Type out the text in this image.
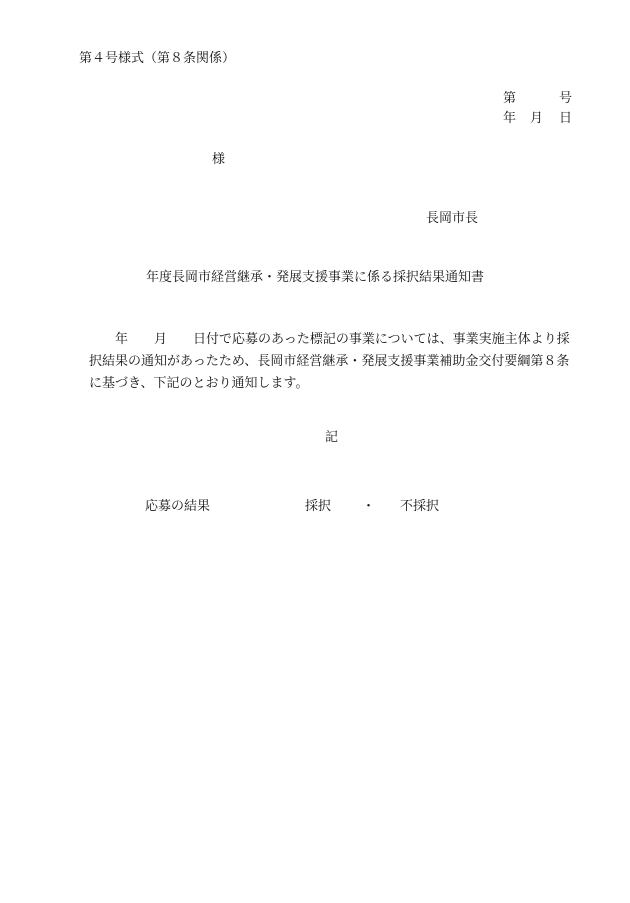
第４号様式（第８条関係）
第	号
年 月 日
様
長岡市長
年度長岡市経営継承・発展支援事業に係る採択結果通知書
　　年　　月　　日付で応募のあった標記の事業については、事業実施主体より採
択結果の通知があったため、長岡市経営継承・発展支援事業補助金交付要綱第８条
に基づき、下記のとおり通知します。
記
応募の結果	採択 ・ 不採択
